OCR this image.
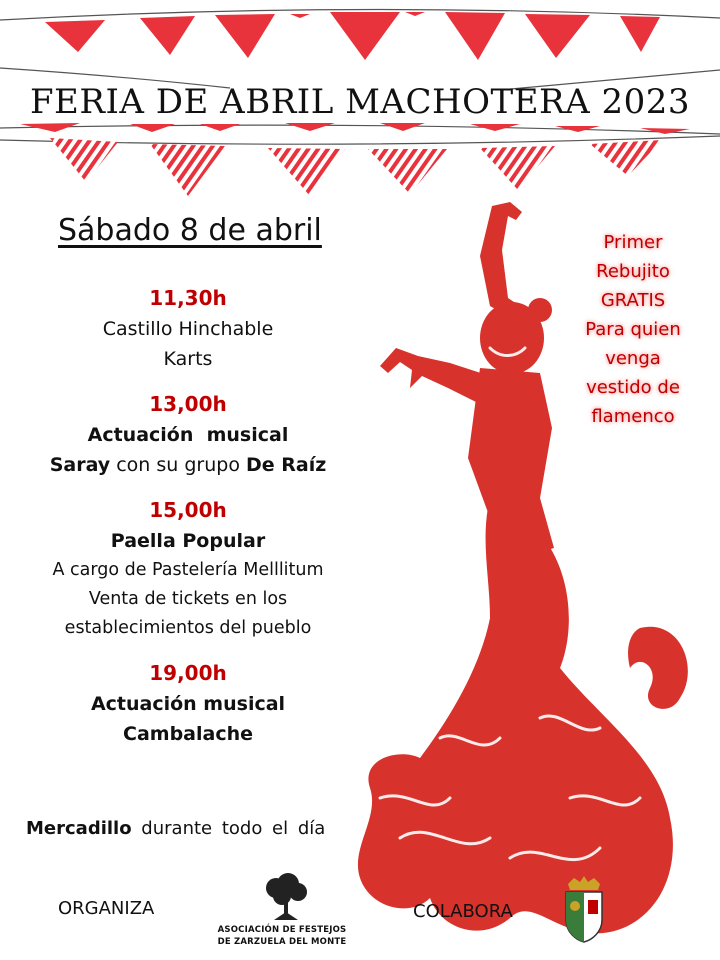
FERIA DE ABRIL MACHOTERA 2023
Sábado 8 de abril
11,30h
Castillo Hinchable
Karts
13,00h
Actuación  musical
Saray con su grupo De Raíz
15,00h
Paella Popular
A cargo de Pastelería Melllitum
Venta de tickets en los
establecimientos del pueblo
19,00h
Actuación musical
Cambalache
Mercadillo durante todo el día
Primer
Rebujito
GRATIS
Para quien
venga
vestido de
flamenco
ORGANIZA
ASOCIACIÓN DE FESTEJOS
DE ZARZUELA DEL MONTE
COLABORA
